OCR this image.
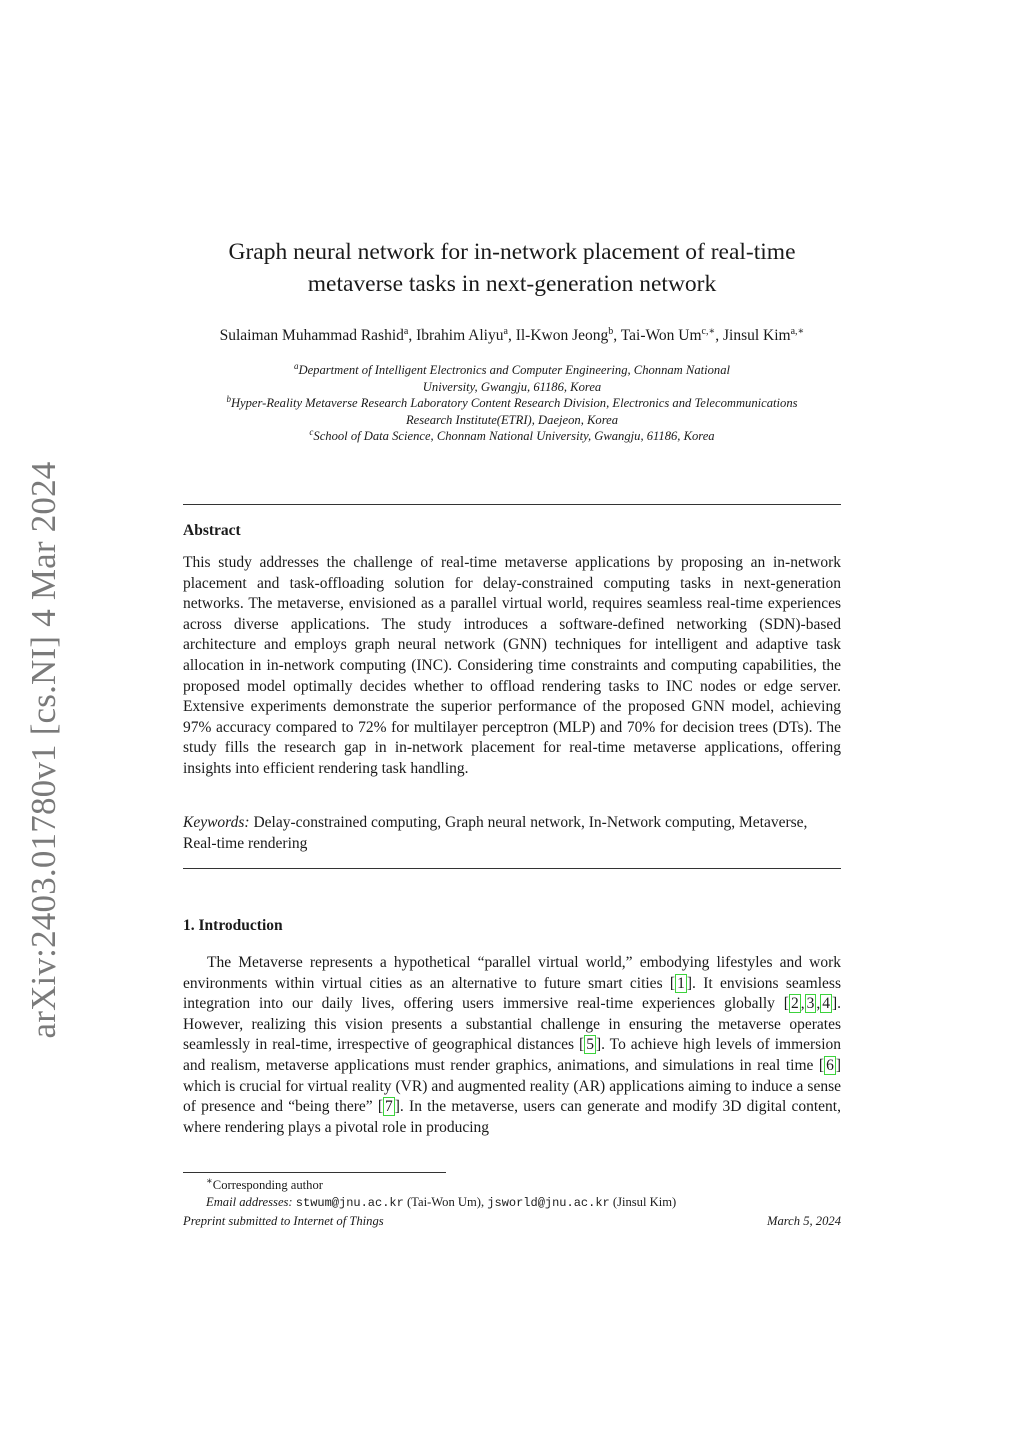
arXiv:2403.01780v1 [cs.NI] 4 Mar 2024
Graph neural network for in-network placement of real-time
metaverse tasks in next-generation network
Sulaiman Muhammad Rashid$^a$, Ibrahim Aliyu$^a$, Il-Kwon Jeong$^b$, Tai-Won $Um^{c,∗}$, Jinsul Kim$^{a,∗}$
$^a$Department of Intelligent Electronics and Computer Engineering, Chonnam National
University, Gwangju, 61186, Korea
$^b$Hyper-Reality Metaverse Research Laboratory Content Research Division, Electronics and Telecommunications
Research Institute(ETRI), Daejeon, Korea
$^c$School of Data Science, Chonnam National University, Gwangju, 61186, Korea
Abstract
This study addresses the challenge of real-time metaverse applications by proposing an in-network placement and task-offloading solution for delay-constrained computing tasks in next-generation networks. The metaverse, envisioned as a parallel virtual world, requires seamless real-time experiences across diverse applications. The study introduces a software-defined networking (SDN)-based architecture and employs graph neural network (GNN) techniques for intelligent and adaptive task allocation in in-network computing (INC). Considering time constraints and computing capabilities, the proposed model optimally decides whether to offload rendering tasks to INC nodes or edge server. Extensive experiments demonstrate the superior performance of the proposed GNN model, achieving 97% accuracy compared to 72% for multilayer perceptron (MLP) and 70% for decision trees (DTs). The study fills the research gap in in-network placement for real-time metaverse applications, offering insights into efficient rendering task handling.
Keywords: Delay-constrained computing, Graph neural network, In-Network computing, Metaverse, Real-time rendering
1. Introduction
The Metaverse represents a hypothetical “parallel virtual world,” embodying lifestyles and work environments within virtual cities as an alternative to future smart cities [ 1 ]. It envisions seamless integration into our daily lives, offering users immersive real-time experiences globally [ 2 , 3 , 4 ]. However, realizing this vision presents a substantial challenge in ensuring the metaverse operates seamlessly in real-time, irrespective of geographical distances [ 5 ]. To achieve high levels of immersion and realism, metaverse applications must render graphics, animations, and simulations in real time [ 6 ] which is crucial for virtual reality (VR) and augmented reality (AR) applications aiming to induce a sense of presence and “being there” [ 7 ]. In the metaverse, users can generate and modify 3D digital content, where rendering plays a pivotal role in producing
∗Corresponding author
Email addresses: stwum@jnu.ac.kr (Tai-Won Um), jsworld@jnu.ac.kr (Jinsul Kim)
Preprint submitted to Internet of Things	March 5, 2024
